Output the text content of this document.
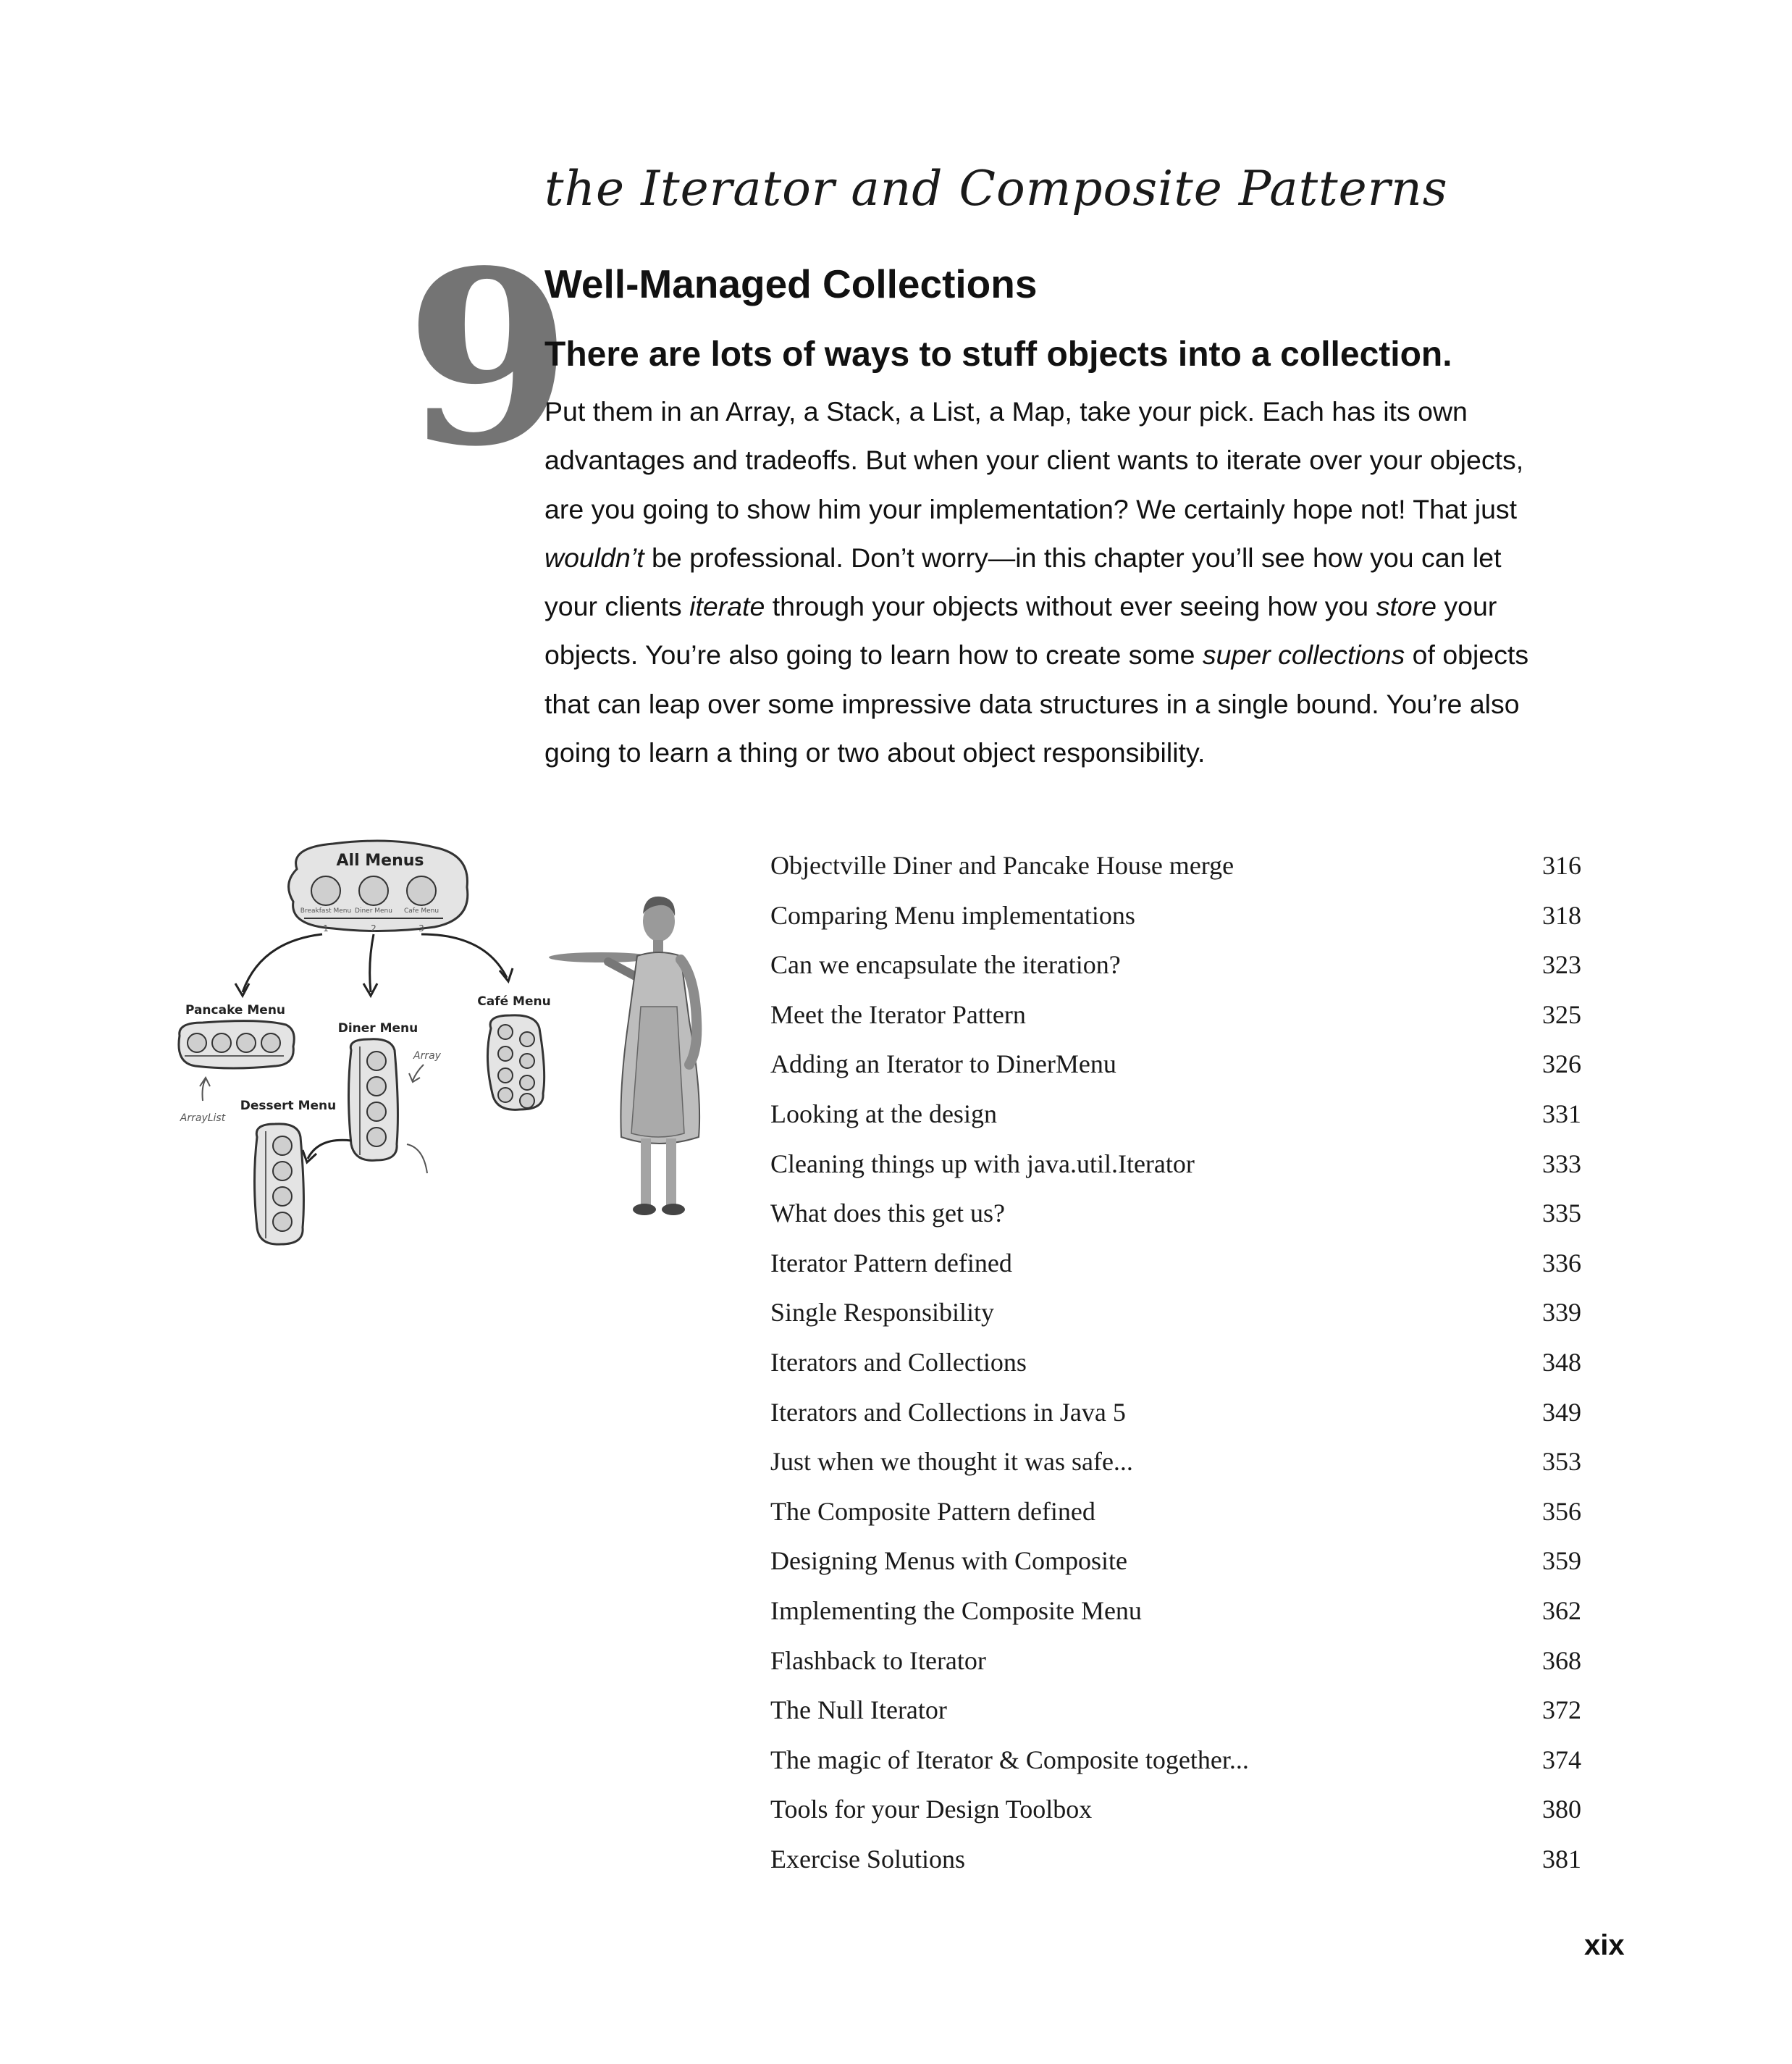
the Iterator and Composite Patterns
9
Well-Managed Collections
There are lots of ways to stuff objects into a collection.
Put them in an Array, a Stack, a List, a Map, take your pick. Each has its own
advantages and tradeoffs. But when your client wants to iterate over your objects,
are you going to show him your implementation? We certainly hope not! That just
wouldn’t be professional. Don’t worry—in this chapter you’ll see how you can let
your clients iterate through your objects without ever seeing how you store your
objects. You’re also going to learn how to create some super collections of objects
that can leap over some impressive data structures in a single bound. You’re also
going to learn a thing or two about object responsibility.
All Menus
Breakfast Menu Diner Menu Cafe Menu
1	2	3
Pancake Menu
ArrayList
Diner Menu
Array
Dessert Menu
Café Menu
Objectville Diner and Pancake House merge	316
Comparing Menu implementations	318
Can we encapsulate the iteration?	323
Meet the Iterator Pattern	325
Adding an Iterator to DinerMenu	326
Looking at the design	331
Cleaning things up with java.util.Iterator	333
What does this get us?	335
Iterator Pattern defined	336
Single Responsibility	339
Iterators and Collections	348
Iterators and Collections in Java 5	349
Just when we thought it was safe...	353
The Composite Pattern defined	356
Designing Menus with Composite	359
Implementing the Composite Menu	362
Flashback to Iterator	368
The Null Iterator	372
The magic of Iterator & Composite together...	374
Tools for your Design Toolbox	380
Exercise Solutions	381
xix
